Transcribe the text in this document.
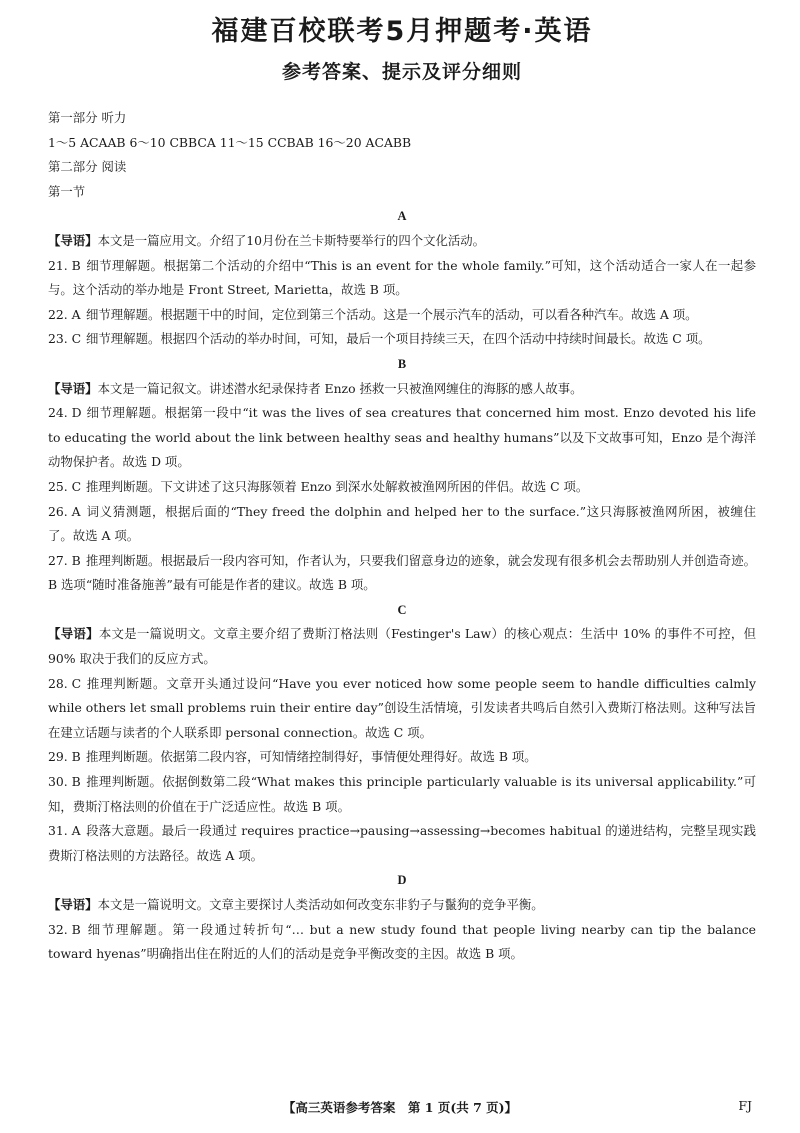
福建百校联考5月押题考·英语
参考答案、提示及评分细则

第一部分 听力

1～5 ACAAB 6～10 CBBCA 11～15 CCBAB 16～20 ACABB

第二部分 阅读

第一节

A

【导语】本文是一篇应用文。介绍了10月份在兰卡斯特要举行的四个文化活动。

21. B 细节理解题。根据第二个活动的介绍中“This is an event for the whole family.”可知，这个活动适合一家人在一起参与。这个活动的举办地是 Front Street, Marietta，故选 B 项。

22. A 细节理解题。根据题干中的时间，定位到第三个活动。这是一个展示汽车的活动，可以看各种汽车。故选 A 项。

23. C 细节理解题。根据四个活动的举办时间，可知，最后一个项目持续三天，在四个活动中持续时间最长。故选 C 项。

B

【导语】本文是一篇记叙文。讲述潜水纪录保持者 Enzo 拯救一只被渔网缠住的海豚的感人故事。

24. D 细节理解题。根据第一段中“it was the lives of sea creatures that concerned him most. Enzo devoted his life to educating the world about the link between healthy seas and healthy humans”以及下文故事可知，Enzo 是个海洋动物保护者。故选 D 项。

25. C 推理判断题。下文讲述了这只海豚领着 Enzo 到深水处解救被渔网所困的伴侣。故选 C 项。

26. A 词义猜测题，根据后面的“They freed the dolphin and helped her to the surface.”这只海豚被渔网所困，被缠住了。故选 A 项。

27. B 推理判断题。根据最后一段内容可知，作者认为，只要我们留意身边的迹象，就会发现有很多机会去帮助别人并创造奇迹。B 选项“随时准备施善”最有可能是作者的建议。故选 B 项。

C

【导语】本文是一篇说明文。文章主要介绍了费斯汀格法则（Festinger's Law）的核心观点：生活中 10% 的事件不可控，但 90% 取决于我们的反应方式。

28. C 推理判断题。文章开头通过设问“Have you ever noticed how some people seem to handle difficulties calmly while others let small problems ruin their entire day”创设生活情境，引发读者共鸣后自然引入费斯汀格法则。这种写法旨在建立话题与读者的个人联系即 personal connection。故选 C 项。

29. B 推理判断题。依据第二段内容，可知情绪控制得好，事情便处理得好。故选 B 项。

30. B 推理判断题。依据倒数第二段“What makes this principle particularly valuable is its universal applicability.”可知，费斯汀格法则的价值在于广泛适应性。故选 B 项。

31. A 段落大意题。最后一段通过 requires practice→pausing→assessing→becomes habitual 的递进结构，完整呈现实践费斯汀格法则的方法路径。故选 A 项。

D

【导语】本文是一篇说明文。文章主要探讨人类活动如何改变东非豹子与鬣狗的竞争平衡。

32. B 细节理解题。第一段通过转折句“… but a new study found that people living nearby can tip the balance toward hyenas”明确指出住在附近的人们的活动是竞争平衡改变的主因。故选 B 项。

【高三英语参考答案　第 1 页(共 7 页)】	FJ
